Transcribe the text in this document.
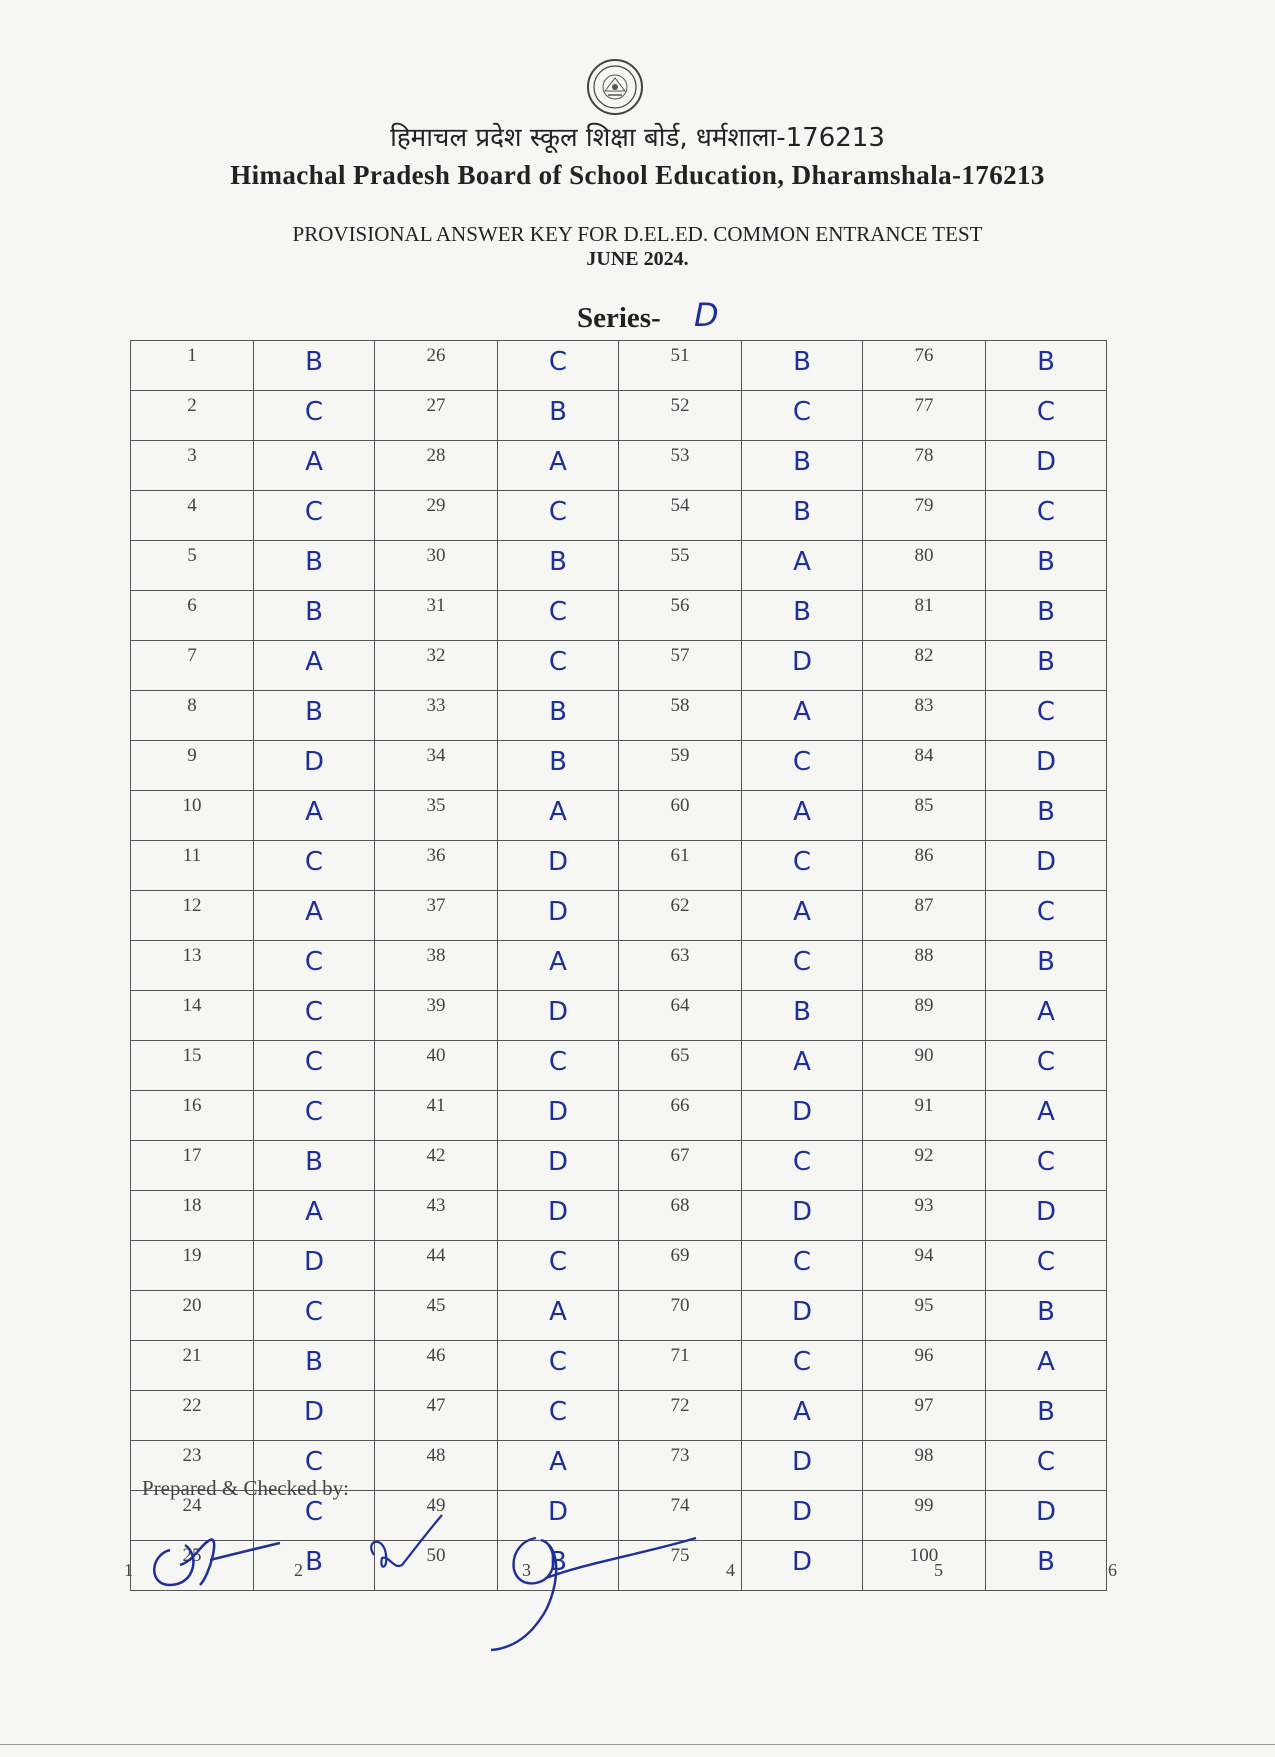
हिमाचल प्रदेश स्कूल शिक्षा बोर्ड, धर्मशाला-176213
Himachal Pradesh Board of School Education, Dharamshala-176213
PROVISIONAL ANSWER KEY FOR D.EL.ED. COMMON ENTRANCE TEST
JUNE 2024.
Series- D
1	B	26	C	51	B	76	B
2	C	27	B	52	C	77	C
3	A	28	A	53	B	78	D
4	C	29	C	54	B	79	C
5	B	30	B	55	A	80	B
6	B	31	C	56	B	81	B
7	A	32	C	57	D	82	B
8	B	33	B	58	A	83	C
9	D	34	B	59	C	84	D
10	A	35	A	60	A	85	B
11	C	36	D	61	C	86	D
12	A	37	D	62	A	87	C
13	C	38	A	63	C	88	B
14	C	39	D	64	B	89	A
15	C	40	C	65	A	90	C
16	C	41	D	66	D	91	A
17	B	42	D	67	C	92	C
18	A	43	D	68	D	93	D
19	D	44	C	69	C	94	C
20	C	45	A	70	D	95	B
21	B	46	C	71	C	96	A
22	D	47	C	72	A	97	B
23	C	48	A	73	D	98	C
24	C	49	D	74	D	99	D
25	B	50	B	75	D	100	B
Prepared & Checked by:
1	2	3	4	5	6
